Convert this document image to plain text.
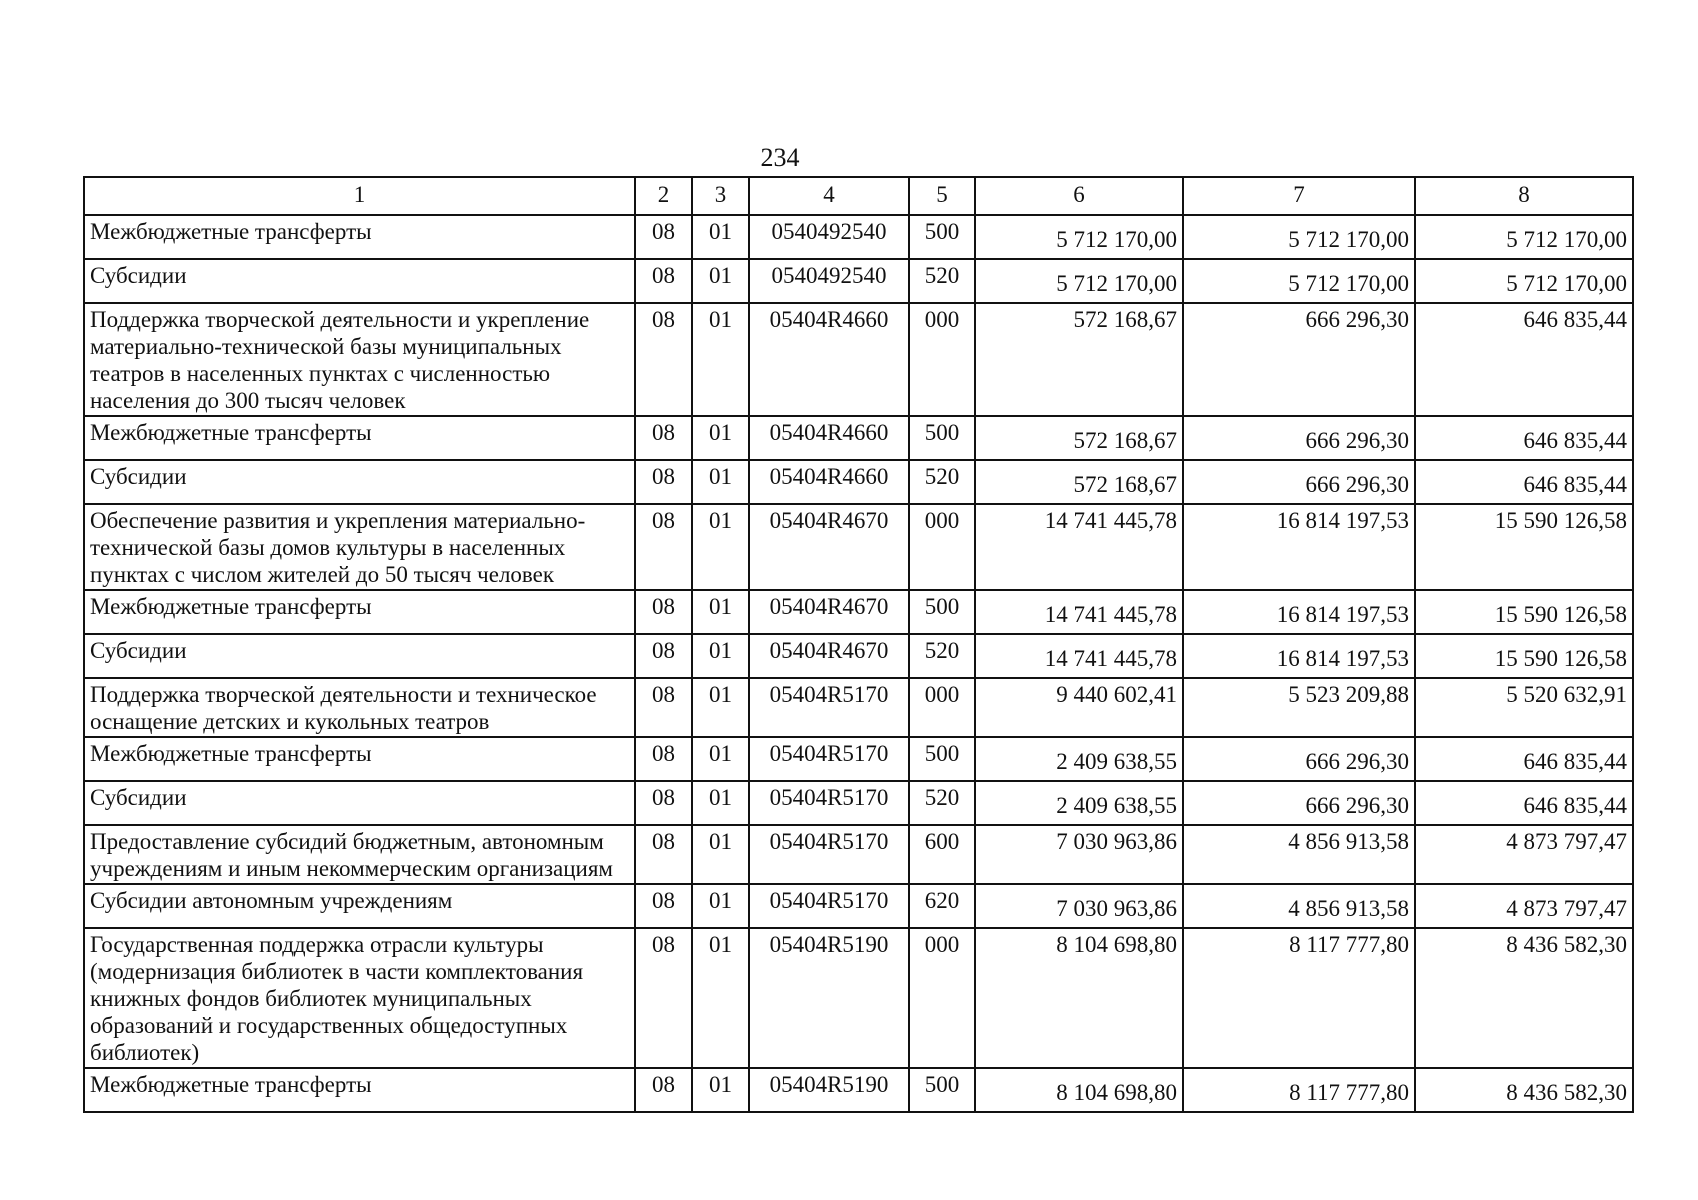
234
1	2	3	4	5	6	7	8
Межбюджетные трансферты	08	01	0540492540	500	5 712 170,00	5 712 170,00	5 712 170,00
Субсидии	08	01	0540492540	520	5 712 170,00	5 712 170,00	5 712 170,00
Поддержка творческой деятельности и укрепление материально-технической базы муниципальных театров в населенных пунктах с численностью населения до 300 тысяч человек	08	01	05404R4660	000	572 168,67	666 296,30	646 835,44
Межбюджетные трансферты	08	01	05404R4660	500	572 168,67	666 296,30	646 835,44
Субсидии	08	01	05404R4660	520	572 168,67	666 296,30	646 835,44
Обеспечение развития и укрепления материально-технической базы домов культуры в населенных пунктах с числом жителей до 50 тысяч человек	08	01	05404R4670	000	14 741 445,78	16 814 197,53	15 590 126,58
Межбюджетные трансферты	08	01	05404R4670	500	14 741 445,78	16 814 197,53	15 590 126,58
Субсидии	08	01	05404R4670	520	14 741 445,78	16 814 197,53	15 590 126,58
Поддержка творческой деятельности и техническое оснащение детских и кукольных театров	08	01	05404R5170	000	9 440 602,41	5 523 209,88	5 520 632,91
Межбюджетные трансферты	08	01	05404R5170	500	2 409 638,55	666 296,30	646 835,44
Субсидии	08	01	05404R5170	520	2 409 638,55	666 296,30	646 835,44
Предоставление субсидий бюджетным, автономным учреждениям и иным некоммерческим организациям	08	01	05404R5170	600	7 030 963,86	4 856 913,58	4 873 797,47
Субсидии автономным учреждениям	08	01	05404R5170	620	7 030 963,86	4 856 913,58	4 873 797,47
Государственная поддержка отрасли культуры (модернизация библиотек в части комплектования книжных фондов библиотек муниципальных образований и государственных общедоступных библиотек)	08	01	05404R5190	000	8 104 698,80	8 117 777,80	8 436 582,30
Межбюджетные трансферты	08	01	05404R5190	500	8 104 698,80	8 117 777,80	8 436 582,30
